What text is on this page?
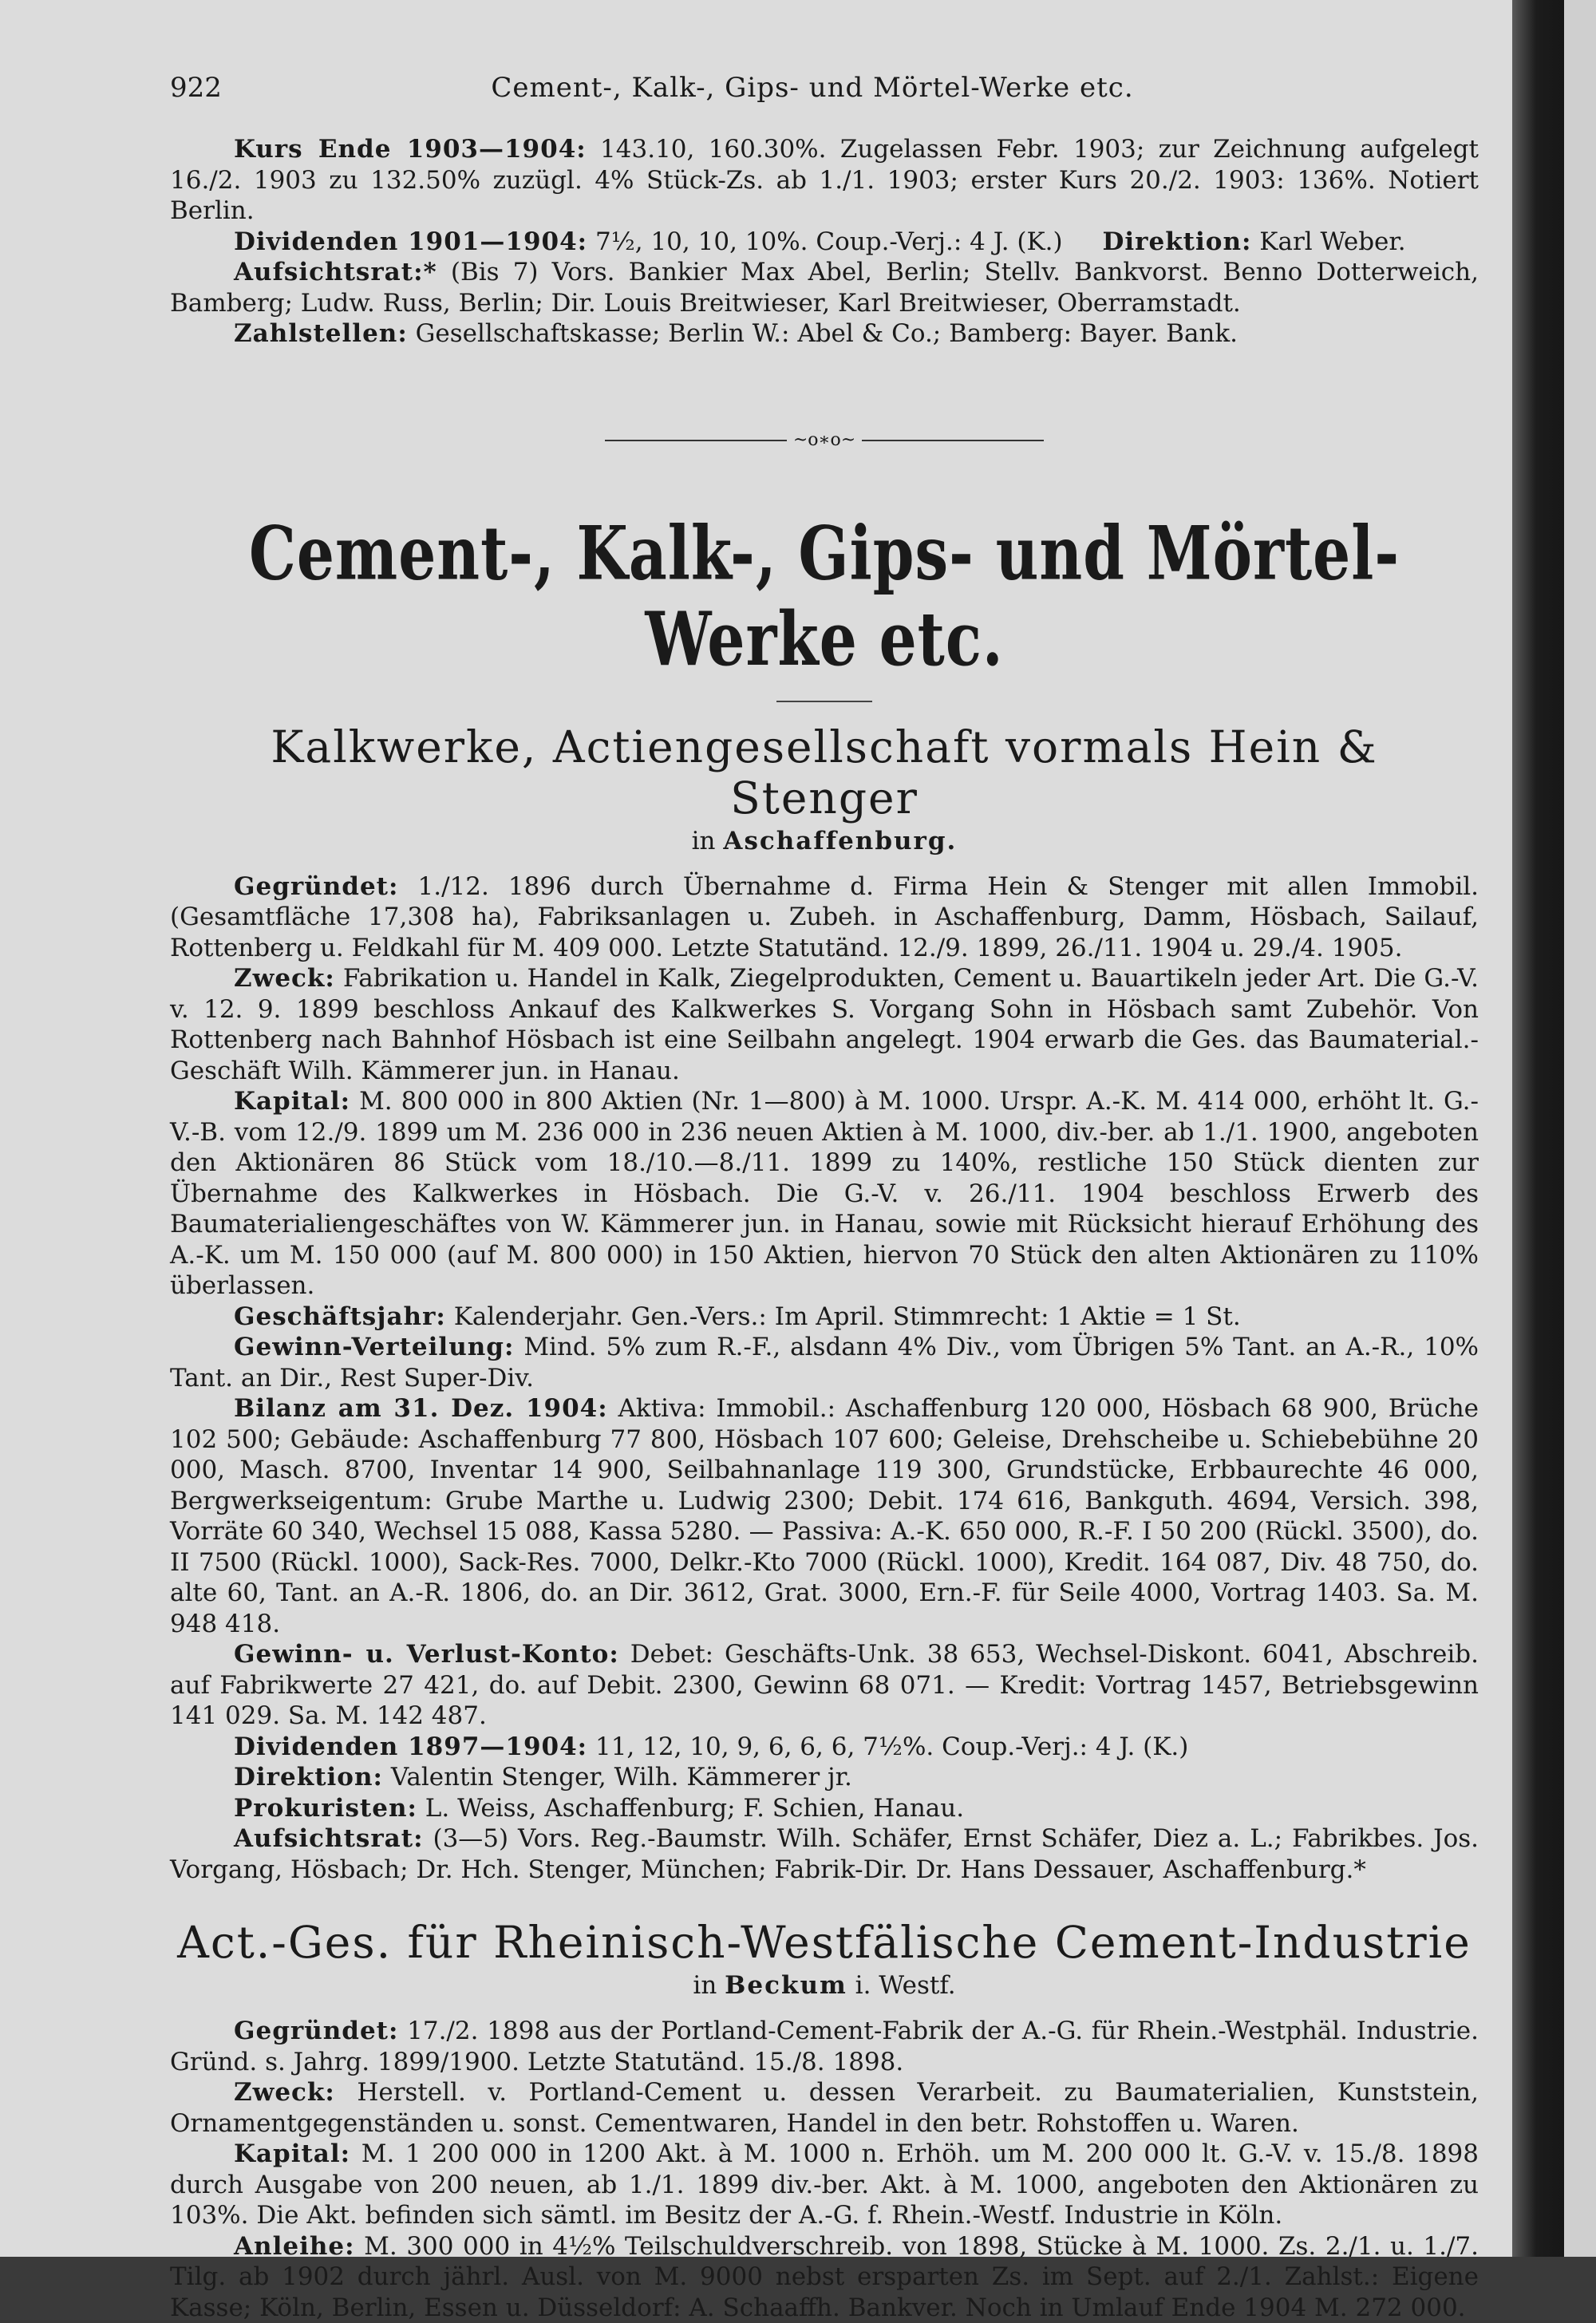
922	Cement-, Kalk-, Gips- und Mörtel-Werke etc.

Kurs Ende 1903—1904: 143.10, 160.30%. Zugelassen Febr. 1903; zur Zeichnung aufgelegt 16./2. 1903 zu 132.50% zuzügl. 4% Stück-Zs. ab 1./1. 1903; erster Kurs 20./2. 1903: 136%. Notiert Berlin.

Dividenden 1901—1904: 7½, 10, 10, 10%. Coup.-Verj.: 4 J. (K.) Direktion: Karl Weber.

Aufsichtsrat:* (Bis 7) Vors. Bankier Max Abel, Berlin; Stellv. Bankvorst. Benno Dotterweich, Bamberg; Ludw. Russ, Berlin; Dir. Louis Breitwieser, Karl Breitwieser, Oberramstadt.

Zahlstellen: Gesellschaftskasse; Berlin W.: Abel & Co.; Bamberg: Bayer. Bank.

~o∗o~
Cement-, Kalk-, Gips- und Mörtel-Werke etc.
Kalkwerke, Actiengesellschaft vormals Hein & Stenger
in Aschaffenburg.

Gegründet: 1./12. 1896 durch Übernahme d. Firma Hein & Stenger mit allen Immobil. (Gesamtfläche 17,308 ha), Fabriksanlagen u. Zubeh. in Aschaffenburg, Damm, Hösbach, Sailauf, Rottenberg u. Feldkahl für M. 409 000. Letzte Statutänd. 12./9. 1899, 26./11. 1904 u. 29./4. 1905.

Zweck: Fabrikation u. Handel in Kalk, Ziegelprodukten, Cement u. Bauartikeln jeder Art. Die G.-V. v. 12. 9. 1899 beschloss Ankauf des Kalkwerkes S. Vorgang Sohn in Hösbach samt Zubehör. Von Rottenberg nach Bahnhof Hösbach ist eine Seilbahn angelegt. 1904 erwarb die Ges. das Baumaterial.-Geschäft Wilh. Kämmerer jun. in Hanau.

Kapital: M. 800 000 in 800 Aktien (Nr. 1—800) à M. 1000. Urspr. A.-K. M. 414 000, erhöht lt. G.-V.-B. vom 12./9. 1899 um M. 236 000 in 236 neuen Aktien à M. 1000, div.-ber. ab 1./1. 1900, angeboten den Aktionären 86 Stück vom 18./10.—8./11. 1899 zu 140%, restliche 150 Stück dienten zur Übernahme des Kalkwerkes in Hösbach. Die G.-V. v. 26./11. 1904 beschloss Erwerb des Baumaterialiengeschäftes von W. Kämmerer jun. in Hanau, sowie mit Rücksicht hierauf Erhöhung des A.-K. um M. 150 000 (auf M. 800 000) in 150 Aktien, hiervon 70 Stück den alten Aktionären zu 110% überlassen.

Geschäftsjahr: Kalenderjahr. Gen.-Vers.: Im April. Stimmrecht: 1 Aktie = 1 St.

Gewinn-Verteilung: Mind. 5% zum R.-F., alsdann 4% Div., vom Übrigen 5% Tant. an A.-R., 10% Tant. an Dir., Rest Super-Div.

Bilanz am 31. Dez. 1904: Aktiva: Immobil.: Aschaffenburg 120 000, Hösbach 68 900, Brüche 102 500; Gebäude: Aschaffenburg 77 800, Hösbach 107 600; Geleise, Drehscheibe u. Schiebebühne 20 000, Masch. 8700, Inventar 14 900, Seilbahnanlage 119 300, Grundstücke, Erbbaurechte 46 000, Bergwerkseigentum: Grube Marthe u. Ludwig 2300; Debit. 174 616, Bankguth. 4694, Versich. 398, Vorräte 60 340, Wechsel 15 088, Kassa 5280. — Passiva: A.-K. 650 000, R.-F. I 50 200 (Rückl. 3500), do. II 7500 (Rückl. 1000), Sack-Res. 7000, Delkr.-Kto 7000 (Rückl. 1000), Kredit. 164 087, Div. 48 750, do. alte 60, Tant. an A.-R. 1806, do. an Dir. 3612, Grat. 3000, Ern.-F. für Seile 4000, Vortrag 1403. Sa. M. 948 418.

Gewinn- u. Verlust-Konto: Debet: Geschäfts-Unk. 38 653, Wechsel-Diskont. 6041, Abschreib. auf Fabrikwerte 27 421, do. auf Debit. 2300, Gewinn 68 071. — Kredit: Vortrag 1457, Betriebsgewinn 141 029. Sa. M. 142 487.

Dividenden 1897—1904: 11, 12, 10, 9, 6, 6, 6, 7½%. Coup.-Verj.: 4 J. (K.)

Direktion: Valentin Stenger, Wilh. Kämmerer jr.

Prokuristen: L. Weiss, Aschaffenburg; F. Schien, Hanau.

Aufsichtsrat: (3—5) Vors. Reg.-Baumstr. Wilh. Schäfer, Ernst Schäfer, Diez a. L.; Fabrikbes. Jos. Vorgang, Hösbach; Dr. Hch. Stenger, München; Fabrik-Dir. Dr. Hans Dessauer, Aschaffenburg.*

Act.-Ges. für Rheinisch-Westfälische Cement-Industrie
in Beckum i. Westf.

Gegründet: 17./2. 1898 aus der Portland-Cement-Fabrik der A.-G. für Rhein.-Westphäl. Industrie. Gründ. s. Jahrg. 1899/1900. Letzte Statutänd. 15./8. 1898.

Zweck: Herstell. v. Portland-Cement u. dessen Verarbeit. zu Baumaterialien, Kunststein, Ornamentgegenständen u. sonst. Cementwaren, Handel in den betr. Rohstoffen u. Waren.

Kapital: M. 1 200 000 in 1200 Akt. à M. 1000 n. Erhöh. um M. 200 000 lt. G.-V. v. 15./8. 1898 durch Ausgabe von 200 neuen, ab 1./1. 1899 div.-ber. Akt. à M. 1000, angeboten den Aktionären zu 103%. Die Akt. befinden sich sämtl. im Besitz der A.-G. f. Rhein.-Westf. Industrie in Köln.

Anleihe: M. 300 000 in 4½% Teilschuldverschreib. von 1898, Stücke à M. 1000. Zs. 2./1. u. 1./7. Tilg. ab 1902 durch jährl. Ausl. von M. 9000 nebst ersparten Zs. im Sept. auf 2./1. Zahlst.: Eigene Kasse; Köln, Berlin, Essen u. Düsseldorf: A. Schaaffh. Bankver. Noch in Umlauf Ende 1904 M. 272 000.
